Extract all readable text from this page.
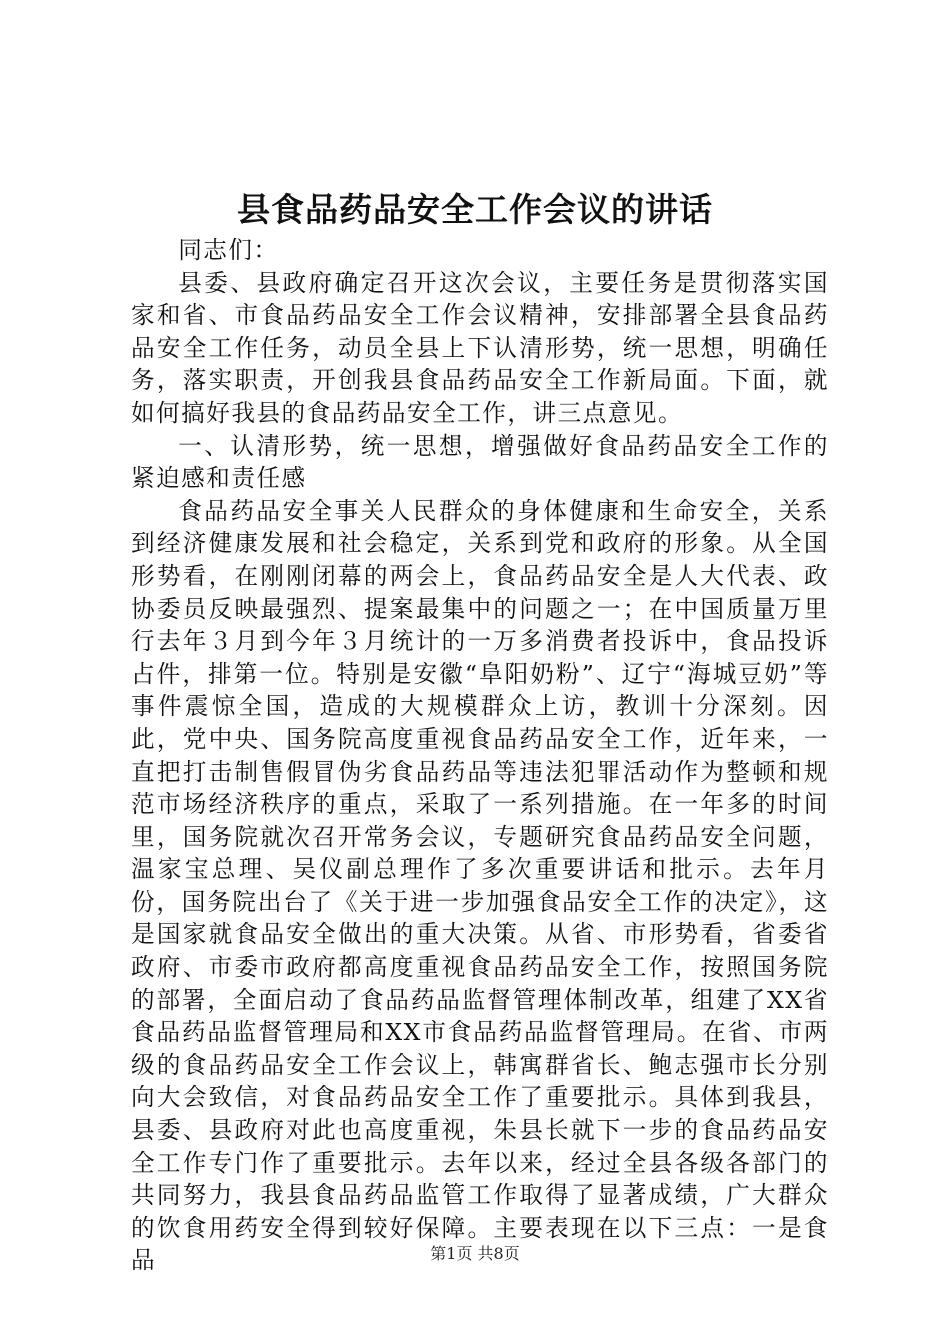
县食品药品安全工作会议的讲话

同志们：

县委、县政府确定召开这次会议，主要任务是贯彻落实国家和省、市食品药品安全工作会议精神，安排部署全县食品药品安全工作任务，动员全县上下认清形势，统一思想，明确任务，落实职责，开创我县食品药品安全工作新局面。下面，就如何搞好我县的食品药品安全工作，讲三点意见。

一、认清形势，统一思想，增强做好食品药品安全工作的紧迫感和责任感

食品药品安全事关人民群众的身体健康和生命安全，关系到经济健康发展和社会稳定，关系到党和政府的形象。从全国形势看，在刚刚闭幕的两会上，食品药品安全是人大代表、政协委员反映最强烈、提案最集中的问题之一；在中国质量万里行去年３月到今年３月统计的一万多消费者投诉中，食品投诉占件，排第一位。特别是安徽“阜阳奶粉”、辽宁“海城豆奶”等事件震惊全国，造成的大规模群众上访，教训十分深刻。因此，党中央、国务院高度重视食品药品安全工作，近年来，一直把打击制售假冒伪劣食品药品等违法犯罪活动作为整顿和规范市场经济秩序的重点，采取了一系列措施。在一年多的时间里，国务院就次召开常务会议，专题研究食品药品安全问题，温家宝总理、吴仪副总理作了多次重要讲话和批示。去年月份，国务院出台了《关于进一步加强食品安全工作的决定》，这是国家就食品安全做出的重大决策。从省、市形势看，省委省政府、市委市政府都高度重视食品药品安全工作，按照国务院的部署，全面启动了食品药品监督管理体制改革，组建了XX省食品药品监督管理局和XX市食品药品监督管理局。在省、市两级的食品药品安全工作会议上，韩寓群省长、鲍志强市长分别向大会致信，对食品药品安全工作了重要批示。具体到我县，县委、县政府对此也高度重视，朱县长就下一步的食品药品安全工作专门作了重要批示。去年以来，经过全县各级各部门的共同努力，我县食品药品监管工作取得了显著成绩，广大群众的饮食用药安全得到较好保障。主要表现在以下三点：一是食品	第1页 共8页
